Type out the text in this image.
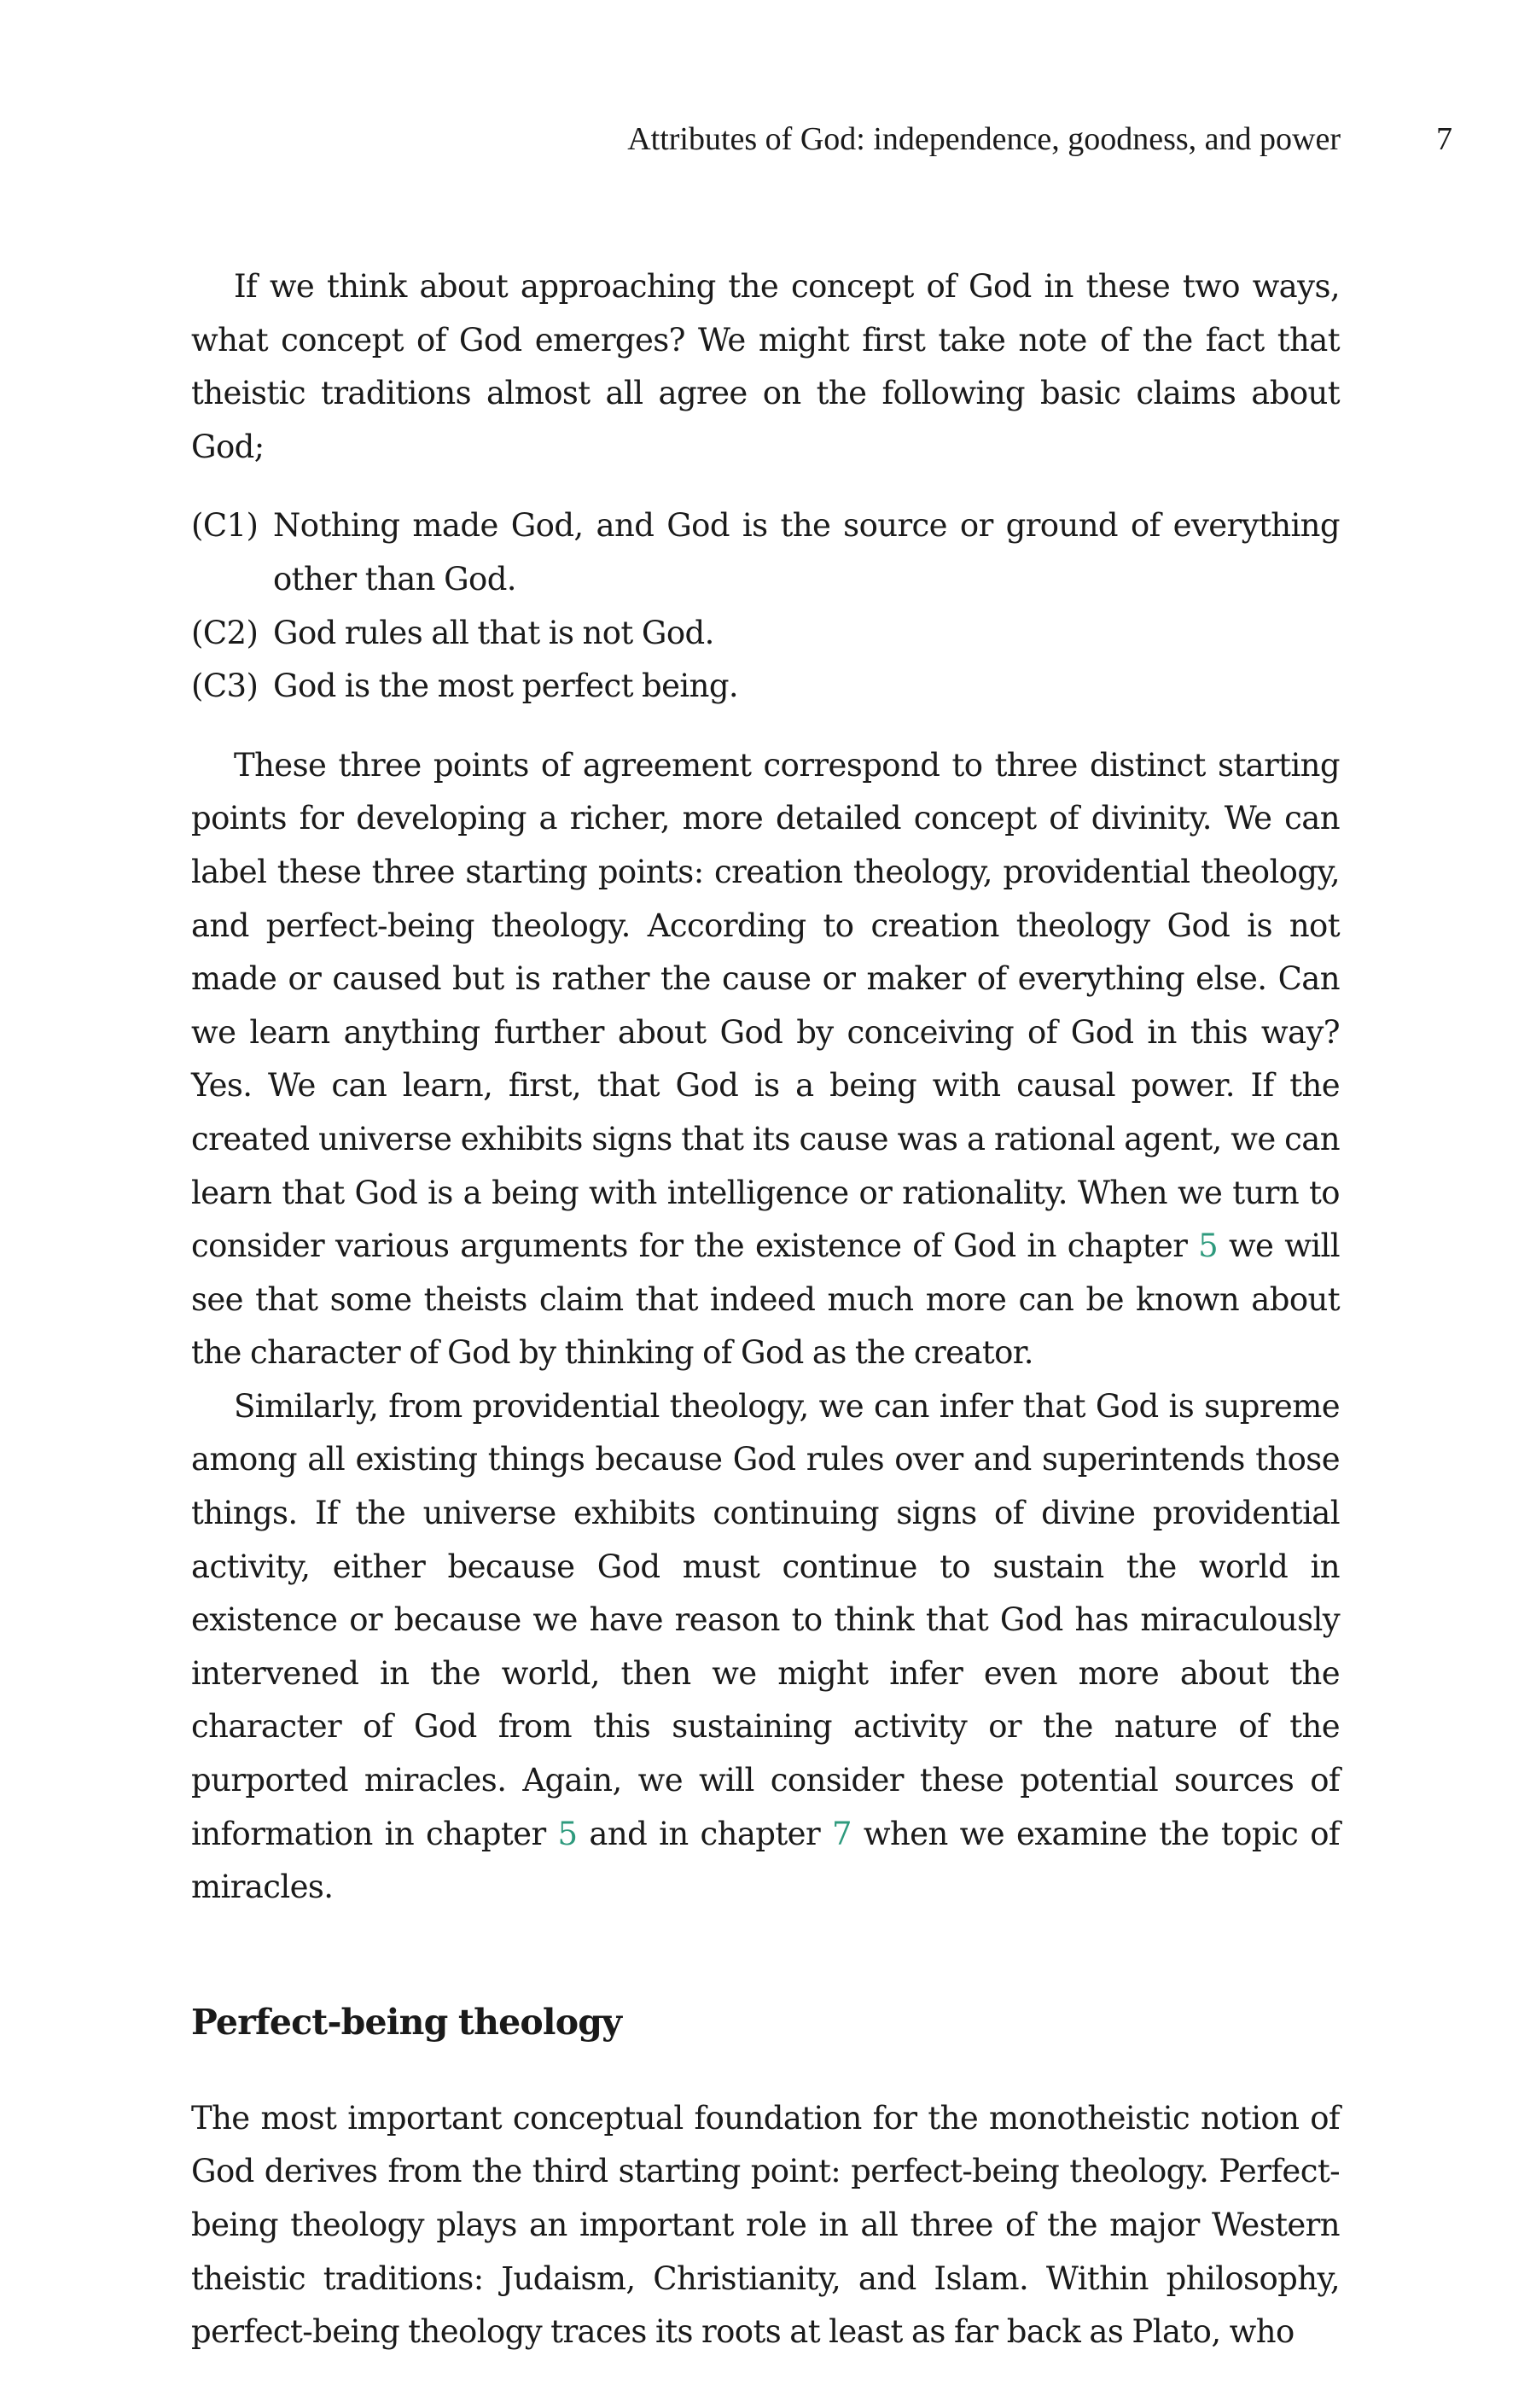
Attributes of God: independence, goodness, and power	7

If we think about approaching the concept of God in these two ways, what concept of God emerges? We might first take note of the fact that theistic traditions almost all agree on the following basic claims about God;

(C1) Nothing made God, and God is the source or ground of everything other than God.
(C2) God rules all that is not God.
(C3) God is the most perfect being.

These three points of agreement correspond to three distinct starting points for developing a richer, more detailed concept of divinity. We can label these three starting points: creation theology, providential theology, and perfect-being theology. According to creation theology God is not made or caused but is rather the cause or maker of everything else. Can we learn anything further about God by conceiving of God in this way? Yes. We can learn, first, that God is a being with causal power. If the created universe exhibits signs that its cause was a rational agent, we can learn that God is a being with intelligence or rationality. When we turn to consider various arguments for the existence of God in chapter 5 we will see that some theists claim that indeed much more can be known about the character of God by thinking of God as the creator.

Similarly, from providential theology, we can infer that God is supreme among all existing things because God rules over and superintends those things. If the universe exhibits continuing signs of divine providential activity, either because God must continue to sustain the world in existence or because we have reason to think that God has miraculously intervened in the world, then we might infer even more about the character of God from this sustaining activity or the nature of the purported miracles. Again, we will consider these potential sources of information in chapter 5 and in chapter 7 when we examine the topic of miracles.

Perfect-being theology

The most important conceptual foundation for the monotheistic notion of God derives from the third starting point: perfect-being theology. Perfect-being theology plays an important role in all three of the major Western theistic traditions: Judaism, Christianity, and Islam. Within philosophy, perfect-being theology traces its roots at least as far back as Plato, who
